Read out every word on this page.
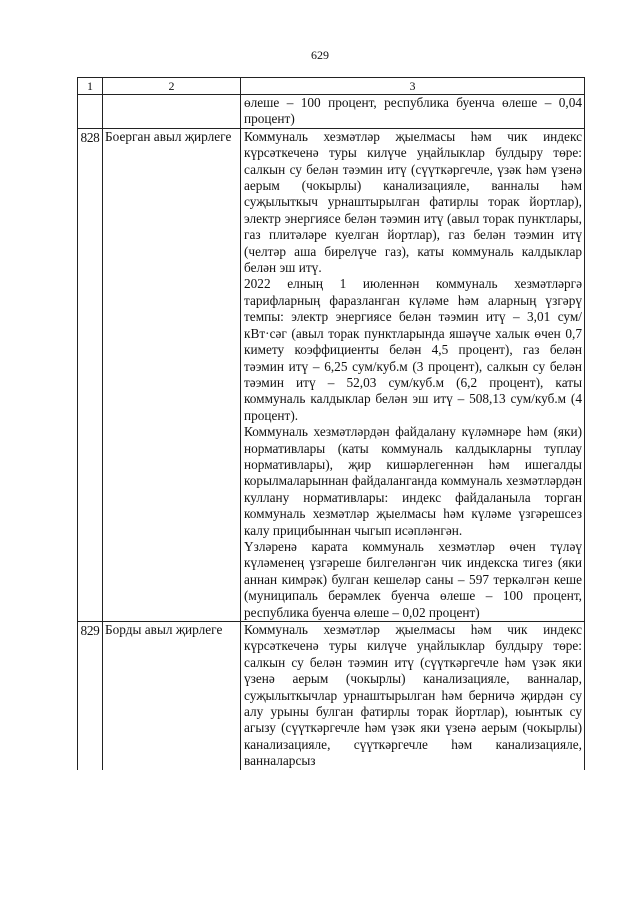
629
1	2	3

		өлеше – 100 процент, республика буенча өлеше – 0,04 процент)

828	Боерган авыл җирлеге	Коммуналь хезмәтләр җыелмасы һәм чик индекс күрсәткеченә туры килүче уңайлыклар булдыру төре: салкын су белән тәэмин итү (сүүткәргечле, үзәк һәм үзенә аерым (чокырлы) канализацияле, ванналы һәм суҗылыткыч урнаштырылган фатирлы торак йортлар), электр энергиясе белән тәэмин итү (авыл торак пунктлары, газ плитәләре куелган йортлар), газ белән тәэмин итү (челтәр аша бирелүче газ), каты коммуналь калдыклар белән эш итү.
2022 елның 1 июленнән коммуналь хезмәтләргә тарифларның фаразланган күләме һәм аларның үзгәрү темпы: электр энергиясе белән тәэмин итү – 3,01 сум/кВт·сәг (авыл торак пунктларында яшәүче халык өчен 0,7 кимету коэффициенты белән 4,5 процент), газ белән тәэмин итү – 6,25 сум/куб.м (3 процент), салкын су белән тәэмин итү – 52,03 сум/куб.м (6,2 процент), каты коммуналь калдыклар белән эш итү – 508,13 сум/куб.м (4 процент).
Коммуналь хезмәтләрдән файдалану күләмнәре һәм (яки) нормативлары (каты коммуналь калдыкларны туплау нормативлары), җир кишәрлегеннән һәм ишегалды корылмаларыннан файдаланганда коммуналь хезмәтләрдән куллану нормативлары: индекс файдаланыла торган коммуналь хезмәтләр җыелмасы һәм күләме үзгәрешсез калу прицибыннан чыгып исәпләнгән.
Үзләренә карата коммуналь хезмәтләр өчен түләү күләменең үзгәреше билгеләнгән чик индекска тигез (яки аннан кимрәк) булган кешеләр саны – 597 теркәлгән кеше (муниципаль берәмлек буенча өлеше – 100 процент, республика буенча өлеше – 0,02 процент)

829	Борды авыл җирлеге	Коммуналь хезмәтләр җыелмасы һәм чик индекс күрсәткеченә туры килүче уңайлыклар булдыру төре: салкын су белән тәэмин итү (сүүткәргечле һәм үзәк яки үзенә аерым (чокырлы) канализацияле, ванналар, суҗылыткычлар урнаштырылган һәм берничә җирдән су алу урыны булган фатирлы торак йортлар), юынтык су агызу (сүүткәргечле һәм үзәк яки үзенә аерым (чокырлы) канализацияле, сүүткәргечле һәм канализацияле, ванналарсыз
